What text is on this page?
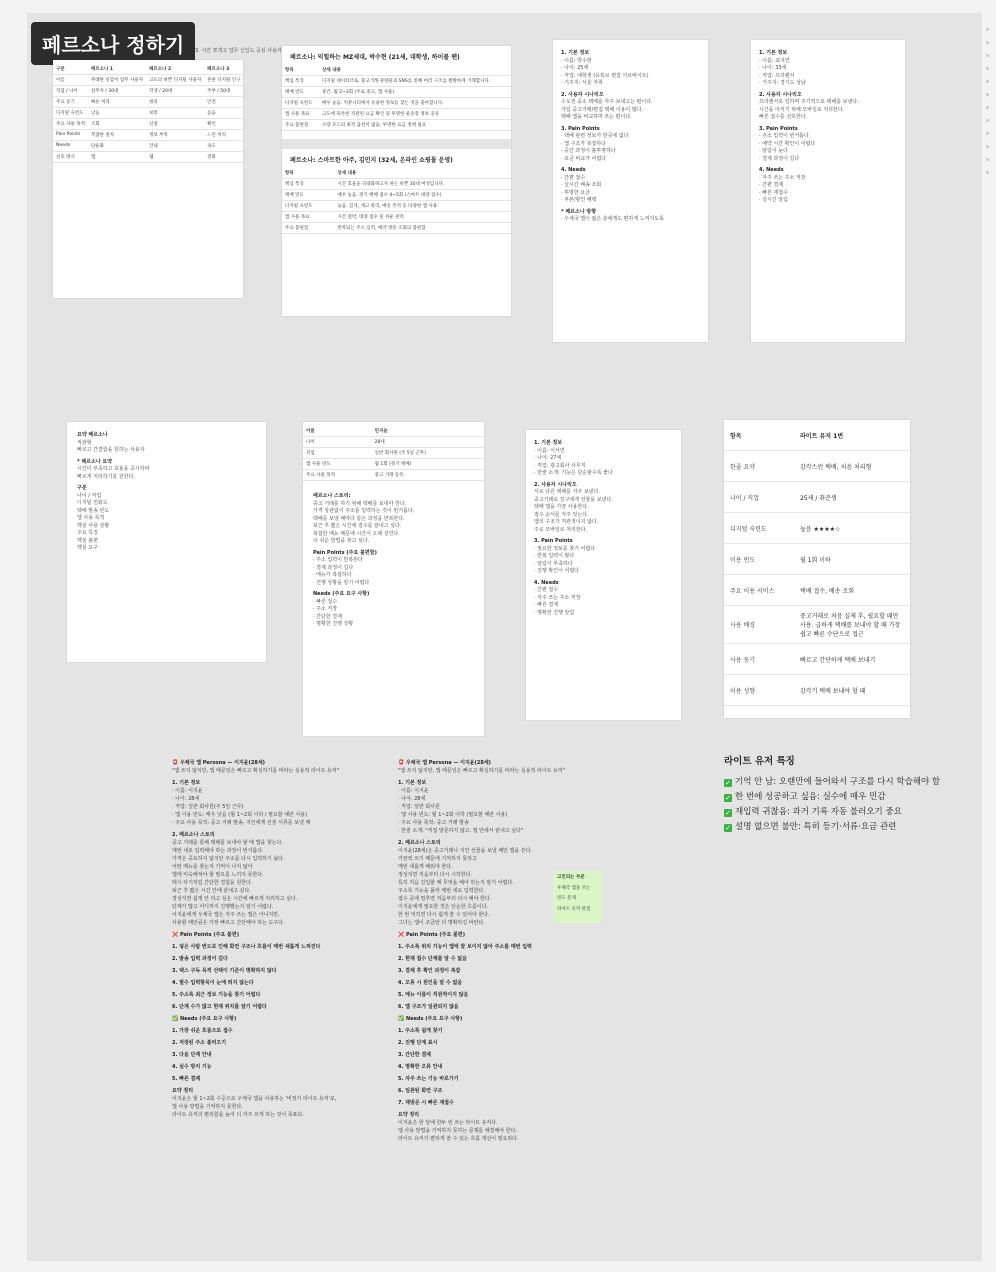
페르소나 정하기
구분	페르소나 1	페르소나 2	페르소나 3
이름	무례한 실감이 업무 사용자	고도의 바쁜 디지털 사용자	혼한 디지털 인구
직업 / 나이	실무자 / 30대	학생 / 20대	주부 / 50대
주요 동기	빠른 처리	편의	안전
디지털 숙련도	낮음	보통	높음
주요 사용 목적	조회	신청	확인
Pain Points	복잡한 절차	정보 부족	느린 처리
Needs	단순화	안내	속도
선호 방식	앱	웹	전화
3. 시간 쪼개고 업무 신입도 중심 사용자
페르소나: 익힐하는 MZ세대, 박수현 (21세, 대학생, 하이볼 팬)
항목	상세 내용
핵심 특징	디지털 네이티브로, 중고거래·중량물과 SNS를 통해 여러 구조를 활발하게 거래합니다.
택배 빈도	중간. 월 2~3회 (주로 중고, 앱 사용)
디지털 숙련도	매우 높음. 커뮤니티에서 유용한 정보를 찾는 것을 좋아합니다.
앱 사용 목표	고도에 독특한 직관된 요금 확인 및 투명한 운송장 정보 공유
주요 불편점	소량 모드의 최적 옵션이 없음, 투명한 요금 정책 필요
페르소나: 스마트한 아주, 김민지 (32세, 온라인 쇼핑몰 운영)
항목	상세 내용
핵심 특징	시간 효율을 극대화하고자 하는 바쁜 30대 여성입니다.
택배 빈도	매우 높음. 정기 택배 접수 4~5회 (스마트 대량 접수)
디지털 숙련도	높음. 검색, 재고 관리, 배송 추적 등 다양한 앱 사용
앱 사용 목표	시간 절약, 대량 접수 및 쉬운 관리
주요 불편점	반복되는 주소 입력, 예약 방문 조회의 불편함

1. 기본 정보

· 이름: 박수현

· 나이: 25세

· 직업: 대학생 (유튜브 편집 아르바이트)

· 거주지: 서울 자취

2. 사용자 시나리오

수도권 중소 택배를 자주 보내고는 편이다.

가입 중고거래/편집 택배 이용이 많다.

택배 앱을 비교하며 쓰는 편이다.

3. Pain Points

· 택배 관련 정보가 한곳에 없다

· 앱 구조가 복잡하다

· 중간 과정이 불투명하다

· 요금 비교가 어렵다

4. Needs

· 간편 접수

· 실시간 배송 조회

· 투명한 요금

· 쿠폰/할인 혜택

* 페르소나 방향

· 우체국 앱이 젊은 층에게도 편하게 느껴지도록

1. 기본 정보

· 이름: 최지연

· 나이: 33세

· 직업: 프리랜서

· 거주지: 경기도 성남

2. 사용자 시나리오

프리랜서로 일하며 주기적으로 택배를 보낸다.

시간을 아끼기 위해 모바일로 처리한다.

빠른 접수를 선호한다.

3. Pain Points

· 주소 입력이 번거롭다

· 예약 시간 확인이 어렵다

· 알림이 늦다

· 결제 과정이 길다

4. Needs

· 자주 쓰는 주소 저장

· 간편 결제

· 빠른 재접수

· 실시간 알림

요약 페르소나

직관형

빠르고 간결함을 원하는 사용자

* 페르소나 요약

시간이 부족하고 효율을 중시하며

빠르게 처리하기를 원한다.

구분

나이 / 직업

디지털 친화도

택배 발송 빈도

앱 사용 목적

핵심 사용 상황

주요 특징

핵심 불편

핵심 요구

이름	민지윤
나이	28세
직업	일반 회사원 (주 5일 근무)
앱 사용 빈도	월 1회 (정기 택배)
주요 사용 목적	중고 거래 등록

페르소나 스토리:

중고 거래를 하기 위해 택배를 보내야 한다.

가격 상관없이 주소를 입력하는 것이 번거롭다.

택배를 보낼 때마다 같은 과정을 반복한다.

퇴근 후 짧은 시간에 접수를 끝내고 싶다.

복잡한 메뉴 때문에 시간이 오래 걸린다.

더 쉬운 방법을 찾고 싶다.

Pain Points (주요 불편함)

· 주소 입력이 반복된다

· 결제 과정이 길다

· 메뉴가 복잡하다

· 진행 상황을 알기 어렵다

Needs (주요 요구 사항)

· 빠른 접수

· 주소 저장

· 간단한 결제

· 명확한 진행 상황

1. 기본 정보

· 이름: 이서연

· 나이: 27세

· 직업: 광고회사 사무직

· 한줄 소개: 기능은 단순할수록 좋다

2. 사용자 시나리오

서로 다른 택배를 자주 보낸다.

중고거래로 친구에게 선물을 보낸다.

택배 앱을 가끔 사용한다.

접수 순서를 자주 잊는다.

앱의 구조가 직관적이지 않다.

주로 모바일로 처리한다.

3. Pain Points

· 필요한 정보를 찾기 어렵다

· 반복 입력이 많다

· 알림이 부족하다

· 진행 확인이 어렵다

4. Needs

· 간편 접수

· 자주 쓰는 주소 저장

· 빠른 결제

· 명확한 진행 알림

항목	라이트 유저 1번
한줄 요약	감각스런 택배, 처음 처리형
나이 / 직업	25세 / 취준생
디지털 숙련도	높음 ★★★★☆
이용 빈도	월 1회 이하
주요 이용 서비스	택배 접수, 배송 조회
사용 배경	중고거래로 처음 실제 후, 필요할 때만 사용. 급하게 택배를 보내야 할 때 가장 쉽고 빠른 수단으로 접근
사용 동기	빠르고 간단하게 택배 보내기
이용 성향	감각기 택배 보내야 할 때

📮 우체국 앱 Persona — 이지윤(28세)

"앱 쓰지 않지만, 앱 때문일은 빠르고 확실하기를 바라는 실용적 라이트 유저"

1. 기본 정보

· 이름: 이지윤

· 나이: 28세

· 직업: 일반 회사원(주 5일 근무)

· 앱 이용 빈도: 매우 낮음 (월 1~2회 이하 / 필요할 때만 사용)

· 주요 사용 목적: 중고 거래 발송, 지인에게 선물 서류를 보낼 때

2. 페르소나 스토리

중고 거래를 통해 택배를 보내야 할 때 앱을 찾는다.

매번 새로 입력해야 하는 과정이 번거롭다.

가격은 중요하지 않지만 주소를 다시 입력하기 싫다.

어떤 메뉴를 찾는지 기억이 나지 않아

앱에 익숙해져야 할 필요를 느끼지 못한다.

택시 타기처럼 간단한 경험을 원한다.

퇴근 후 짧은 시간 안에 끝내고 싶다.

정성지면 쉽게 안 하고 싶은 시간에 빠르게 처리하고 싶다.

단계가 많고 어디까지 진행했는지 알기 어렵다.

이지윤에게 우체국 앱은 자주 쓰는 앱은 아니지만,

사용할 때만큼은 가장 빠르고 간단해야 하는 도구다.

❌ Pain Points (주요 불편)

1. 넣은 사람 번도로 인해 화면 구조나 흐름이 매번 새롭게 느껴진다

2. 발송 입력 과정이 길다

3. 택스 구독 목적 선택이 기준이 명확하지 않다

4. 필수 입력항목이 눈에 띄지 않는다

5. 주소록 최근 정보 기능을 찾기 어렵다

6. 단계 수가 많고 현재 위치를 알기 어렵다

✅ Needs (주요 요구 사항)

1. 가장 쉬운 흐름으로 접수

2. 저장된 주소 불러오기

3. 다음 단계 안내

4. 실수 방지 기능

5. 빠른 결제

요약 정리

이지윤은 월 1~2회 수준으로 우체국 앱을 사용하는 '비정기 라이트 유저'로,

앱 사용 방법을 기억하지 못한다.

라이트 유저의 편리함을 높여 더 자주 쓰게 하는 것이 목표다.

📮 우체국 앱 Persona — 이지윤(28세)

"앱 쓰지 않지만, 앱 때문일은 빠르고 확실하기를 바라는 실용적 라이트 유저"

1. 기본 정보

· 이름: 이지윤

· 나이: 28세

· 직업: 일반 회사원

· 앱 사용 빈도: 월 1~2회 이하 (필요할 때만 사용)

· 주요 사용 목적: 중고 거래 발송

· 한줄 소개: "직접 방문하지 않고, 앱 안에서 끝내고 싶다"

2. 페르소나 스토리

이지윤(28세)은 중고거래나 지인 선물을 보낼 때만 앱을 쓴다.

가끔씩 쓰기 때문에 기억하지 못하고

매번 새롭게 배워야 한다.

정성지면 처음부터 다시 시작한다.

특히 처음 진입할 때 무엇을 해야 하는지 알기 어렵다.

주소록 기능을 몰라 매번 새로 입력한다.

접수 중에 멈추면 처음부터 다시 해야 한다.

이지윤에게 필요한 것은 단순한 흐름이다.

한 번 익히면 다시 쉽게 쓸 수 있어야 한다.

그녀는 앱이 조금만 더 명확하길 바란다.

❌ Pain Points (주요 불편)

1. 주소록 위치 기능이 앱에 잘 보이지 않아 주소를 매번 입력

2. 현재 접수 단계를 알 수 없음

3. 결제 후 확인 과정이 복잡

4. 오류 시 원인을 알 수 없음

5. 메뉴 이름이 직관적이지 않음

6. 앱 구조가 일관되지 않음

✅ Needs (주요 요구 사항)

1. 주소록 쉽게 찾기

2. 진행 단계 표시

3. 간단한 결제

4. 명확한 오류 안내

5. 자주 쓰는 기능 바로가기

6. 일관된 화면 구조

7. 재방문 시 빠른 재접수

요약 정리

이지윤은 한 달에 한두 번 쓰는 라이트 유저다.

앱 사용 방법을 기억하지 못하는 문제를 해결해야 한다.

라이트 유저가 편하게 쓸 수 있는 흐름 개선이 필요하다.

고민되는 부분

우체국 앱을 쓰는

빈도 문제

라이트 유저 관점

라이트 유저 특징

✓ 기억 안 남: 오랜만에 들어와서 구조를 다시 학습해야 함

✓ 한 번에 성공하고 싶음: 실수에 매우 민감

✓ 재입력 귀찮음: 과거 기록 자동 불러오기 중요

✓ 설명 없으면 불안: 특히 등기·서류·요금 관련
